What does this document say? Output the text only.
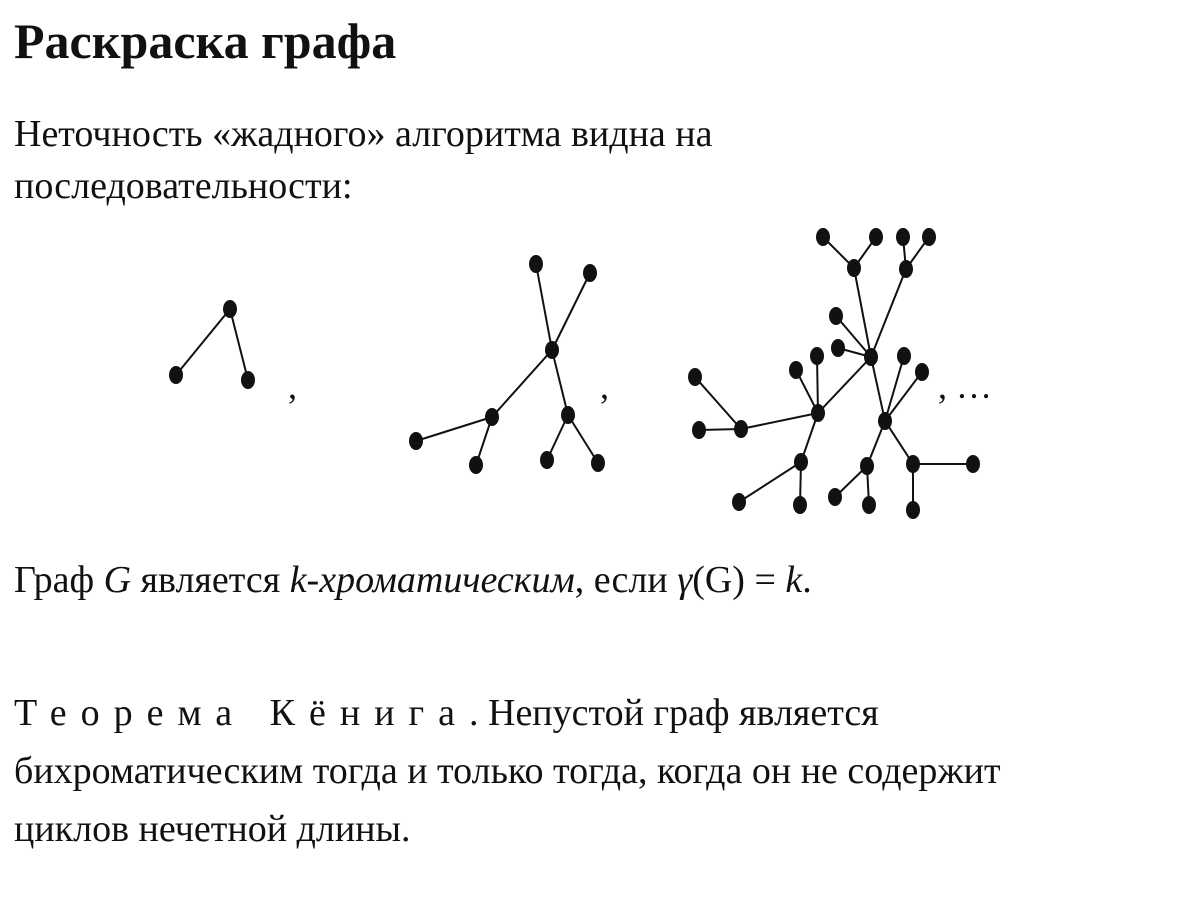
Раскраска графа

Неточность «жадного» алгоритма видна на последовательности:

,	,	, …

Граф G является k-хроматическим, если γ(G) = k.

Теорема Кёнига. Непустой граф является бихроматическим тогда и только тогда, когда он не содержит циклов нечетной длины.
